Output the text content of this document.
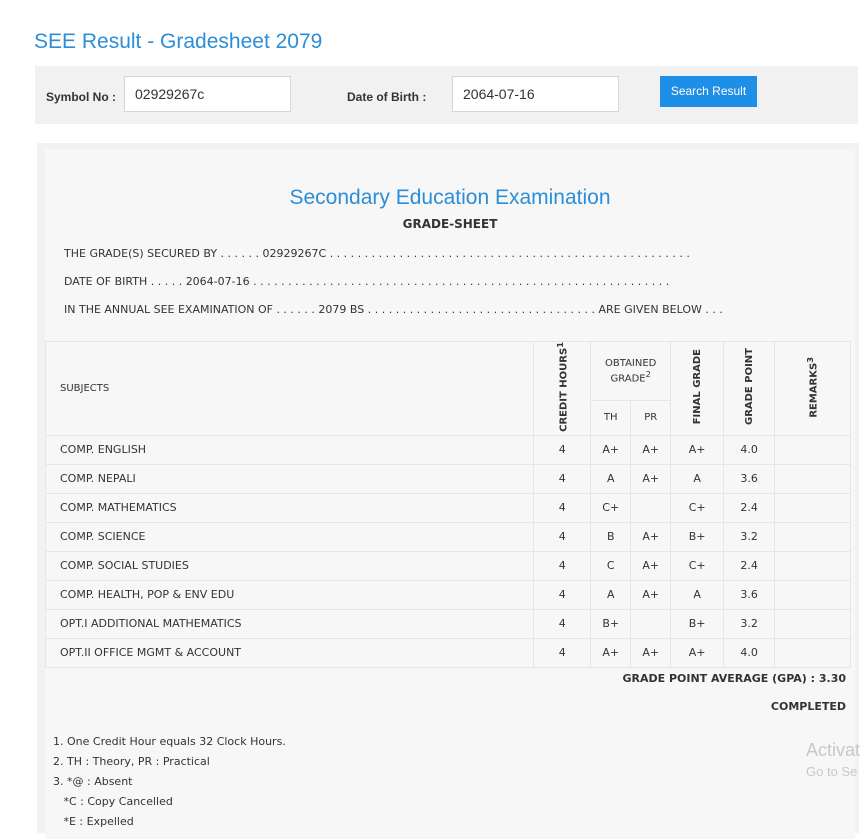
SEE Result - Gradesheet 2079
Symbol No :	02929267c	Date of Birth :	2064-07-16	Search Result
Secondary Education Examination
GRADE-SHEET
THE GRADE(S) SECURED BY . . . . . . 02929267C . . . . . . . . . . . . . . . . . . . . . . . . . . . . . . . . . . . . . . . . . . . . . . . . . . . .
DATE OF BIRTH . . . . . 2064-07-16 . . . . . . . . . . . . . . . . . . . . . . . . . . . . . . . . . . . . . . . . . . . . . . . . . . . . . . . . . . . .
IN THE ANNUAL SEE EXAMINATION OF . . . . . . 2079 BS . . . . . . . . . . . . . . . . . . . . . . . . . . . . . . . . . ARE GIVEN BELOW . . .
SUBJECTS	CREDIT HOURS$^1$	OBTAINED GRADE$^2$		FINAL GRADE	GRADE POINT	REMARKS$^3$
		TH	PR			
COMP. ENGLISH	4	A+	A+	A+	4.0	
COMP. NEPALI	4	A	A+	A	3.6	
COMP. MATHEMATICS	4	C+		C+	2.4	
COMP. SCIENCE	4	B	A+	B+	3.2	
COMP. SOCIAL STUDIES	4	C	A+	C+	2.4	
COMP. HEALTH, POP & ENV EDU	4	A	A+	A	3.6	
OPT.I ADDITIONAL MATHEMATICS	4	B+		B+	3.2	
OPT.II OFFICE MGMT & ACCOUNT	4	A+	A+	A+	4.0	
GRADE POINT AVERAGE (GPA) : 3.30
COMPLETED
1. One Credit Hour equals 32 Clock Hours.
2. TH : Theory, PR : Practical
3. *@ : Absent
*C : Copy Cancelled
*E : Expelled
Activat
Go to Se
